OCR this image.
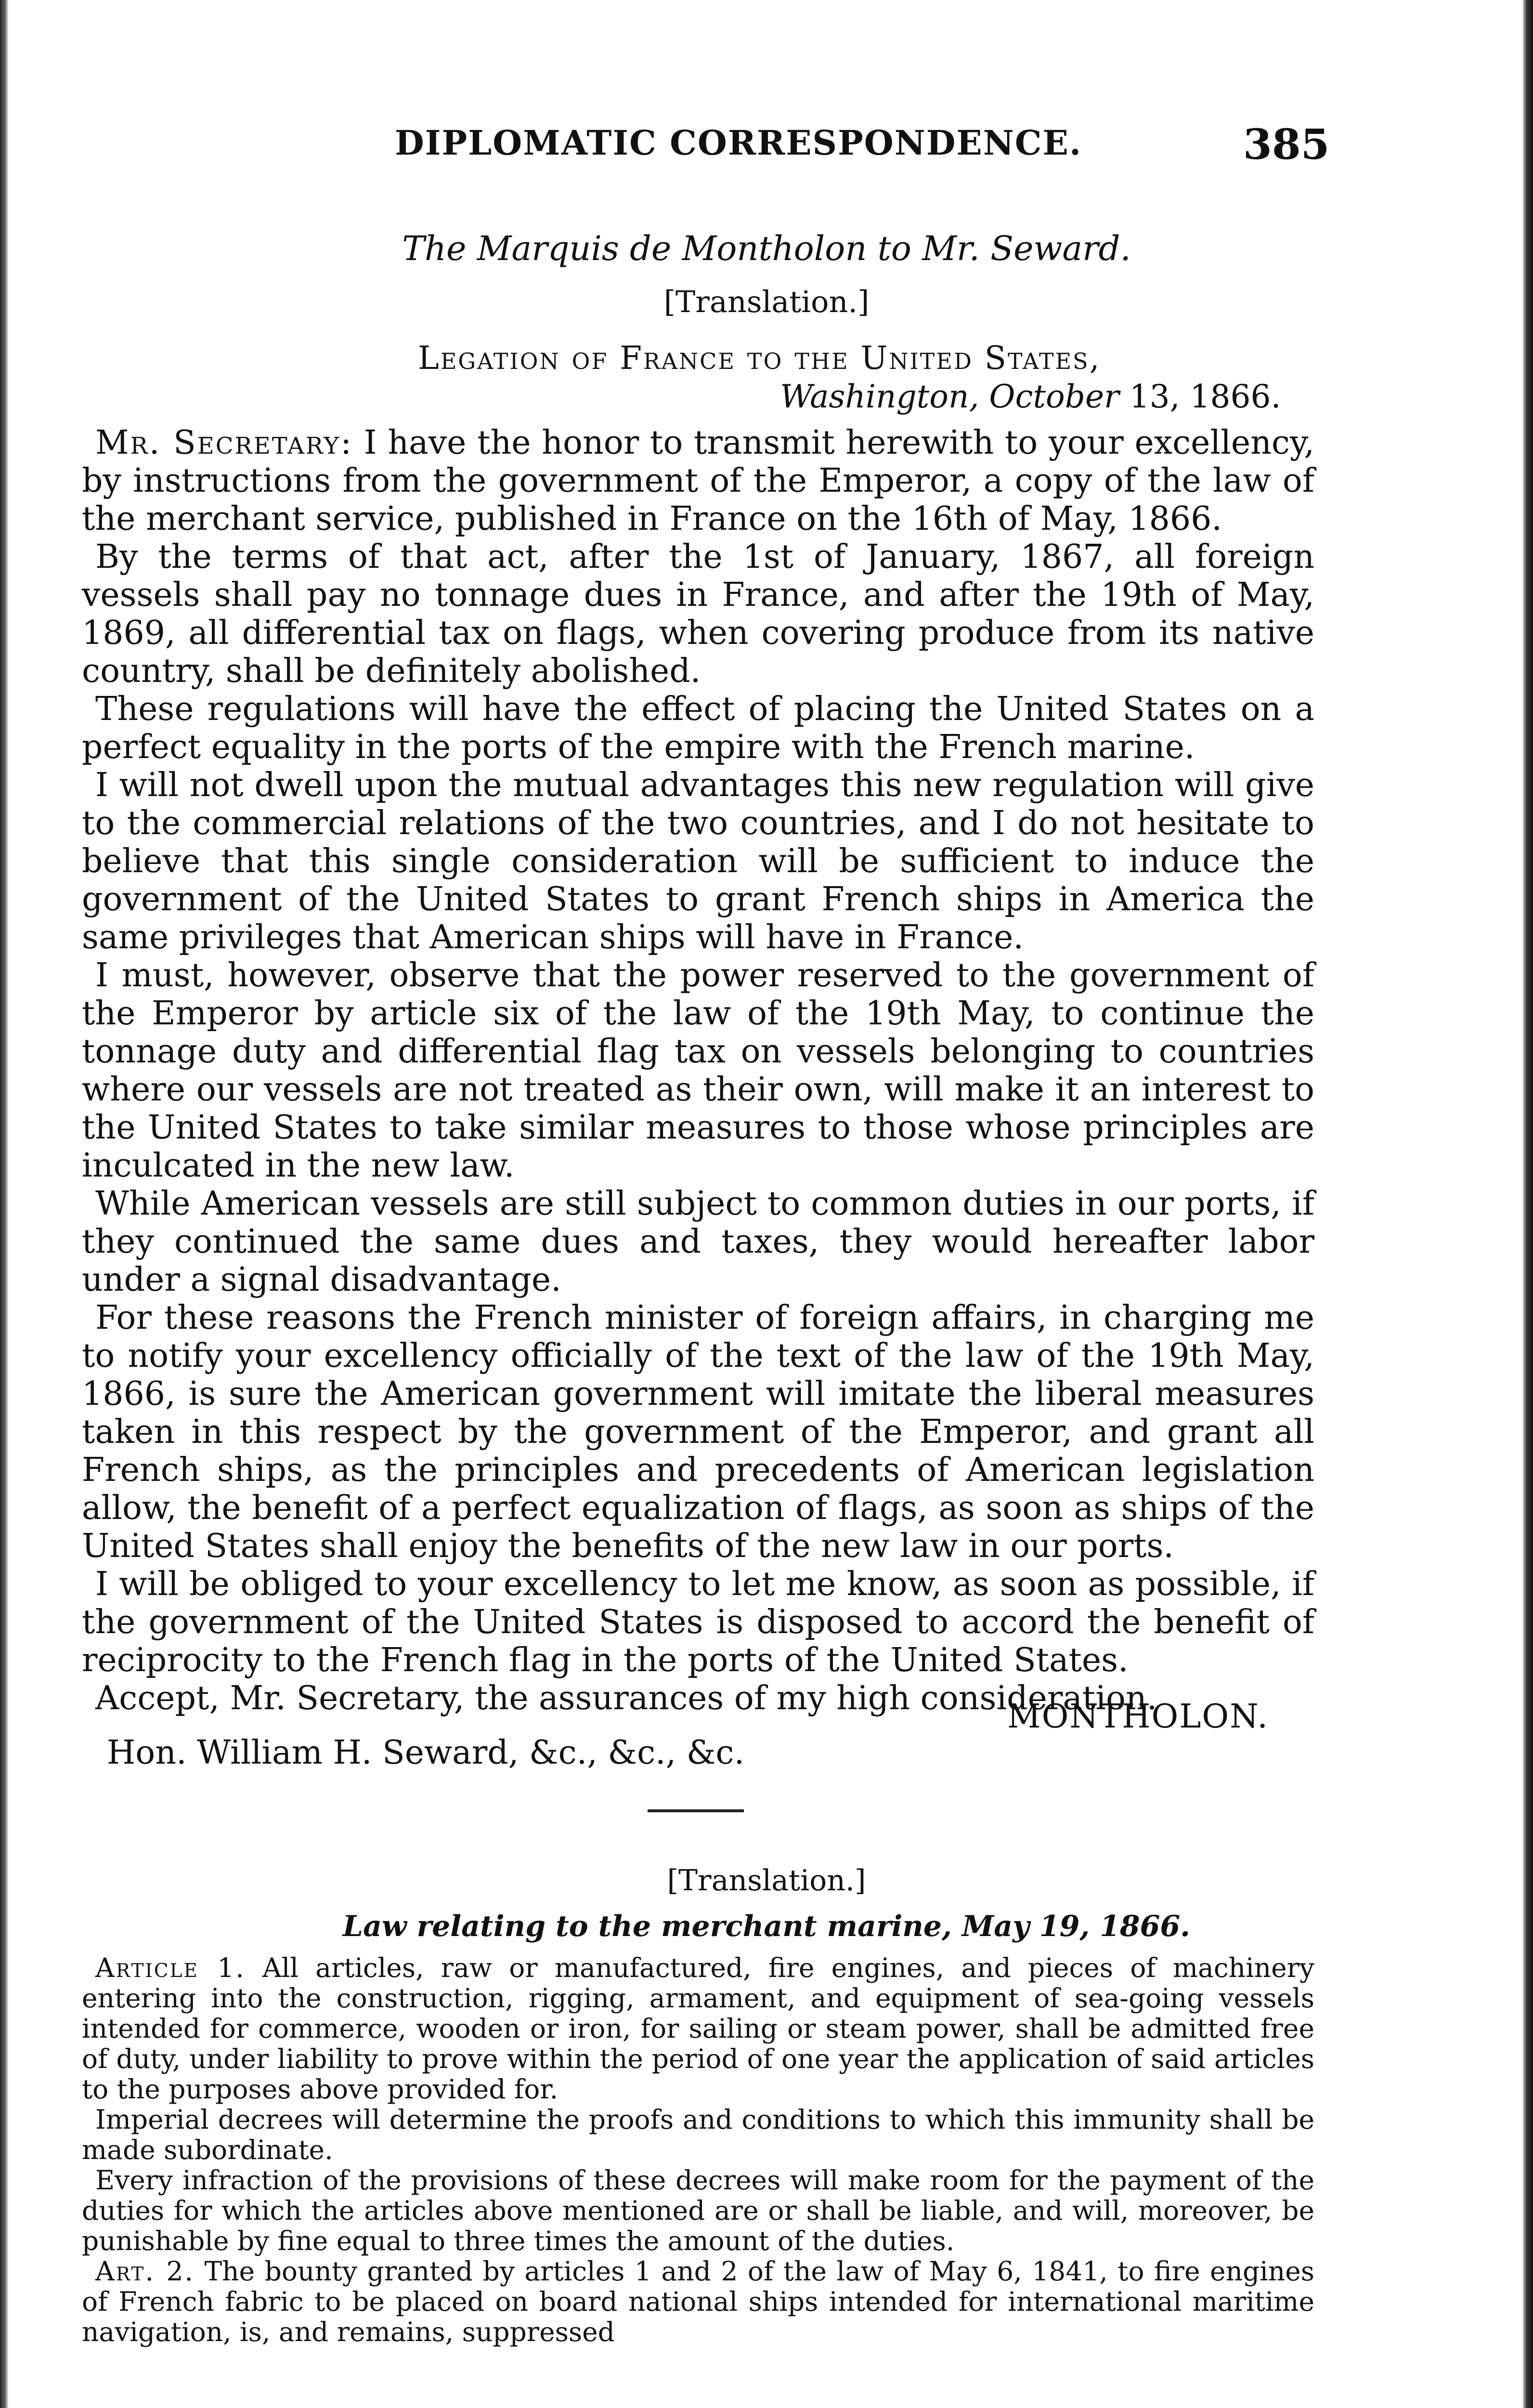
DIPLOMATIC CORRESPONDENCE.	385
The Marquis de Montholon to Mr. Seward.
[Translation.]
Legation of France to the United States,
Washington, October 13, 1866.

Mr. Secretary: I have the honor to transmit herewith to your excellency, by instructions from the government of the Emperor, a copy of the law of the merchant service, published in France on the 16th of May, 1866.

By the terms of that act, after the 1st of January, 1867, all foreign vessels shall pay no tonnage dues in France, and after the 19th of May, 1869, all differential tax on flags, when covering produce from its native country, shall be definitely abolished.

These regulations will have the effect of placing the United States on a perfect equality in the ports of the empire with the French marine.

I will not dwell upon the mutual advantages this new regulation will give to the commercial relations of the two countries, and I do not hesitate to believe that this single consideration will be sufficient to induce the government of the United States to grant French ships in America the same privileges that American ships will have in France.

I must, however, observe that the power reserved to the government of the Emperor by article six of the law of the 19th May, to continue the tonnage duty and differential flag tax on vessels belonging to countries where our vessels are not treated as their own, will make it an interest to the United States to take similar measures to those whose principles are inculcated in the new law.

While American vessels are still subject to common duties in our ports, if they continued the same dues and taxes, they would hereafter labor under a signal disadvantage.

For these reasons the French minister of foreign affairs, in charging me to notify your excellency officially of the text of the law of the 19th May, 1866, is sure the American government will imitate the liberal measures taken in this respect by the government of the Emperor, and grant all French ships, as the principles and precedents of American legislation allow, the benefit of a perfect equalization of flags, as soon as ships of the United States shall enjoy the benefits of the new law in our ports.

I will be obliged to your excellency to let me know, as soon as possible, if the government of the United States is disposed to accord the benefit of reciprocity to the French flag in the ports of the United States.

Accept, Mr. Secretary, the assurances of my high consideration.

MONTHOLON.
Hon. William H. Seward, &c., &c., &c.
[Translation.]
Law relating to the merchant marine, May 19, 1866.

Article 1. All articles, raw or manufactured, fire engines, and pieces of machinery entering into the construction, rigging, armament, and equipment of sea-going vessels intended for commerce, wooden or iron, for sailing or steam power, shall be admitted free of duty, under liability to prove within the period of one year the application of said articles to the purposes above provided for.

Imperial decrees will determine the proofs and conditions to which this immunity shall be made subordinate.

Every infraction of the provisions of these decrees will make room for the payment of the duties for which the articles above mentioned are or shall be liable, and will, moreover, be punishable by fine equal to three times the amount of the duties.

Art. 2. The bounty granted by articles 1 and 2 of the law of May 6, 1841, to fire engines of French fabric to be placed on board national ships intended for international maritime navigation, is, and remains, suppressed
